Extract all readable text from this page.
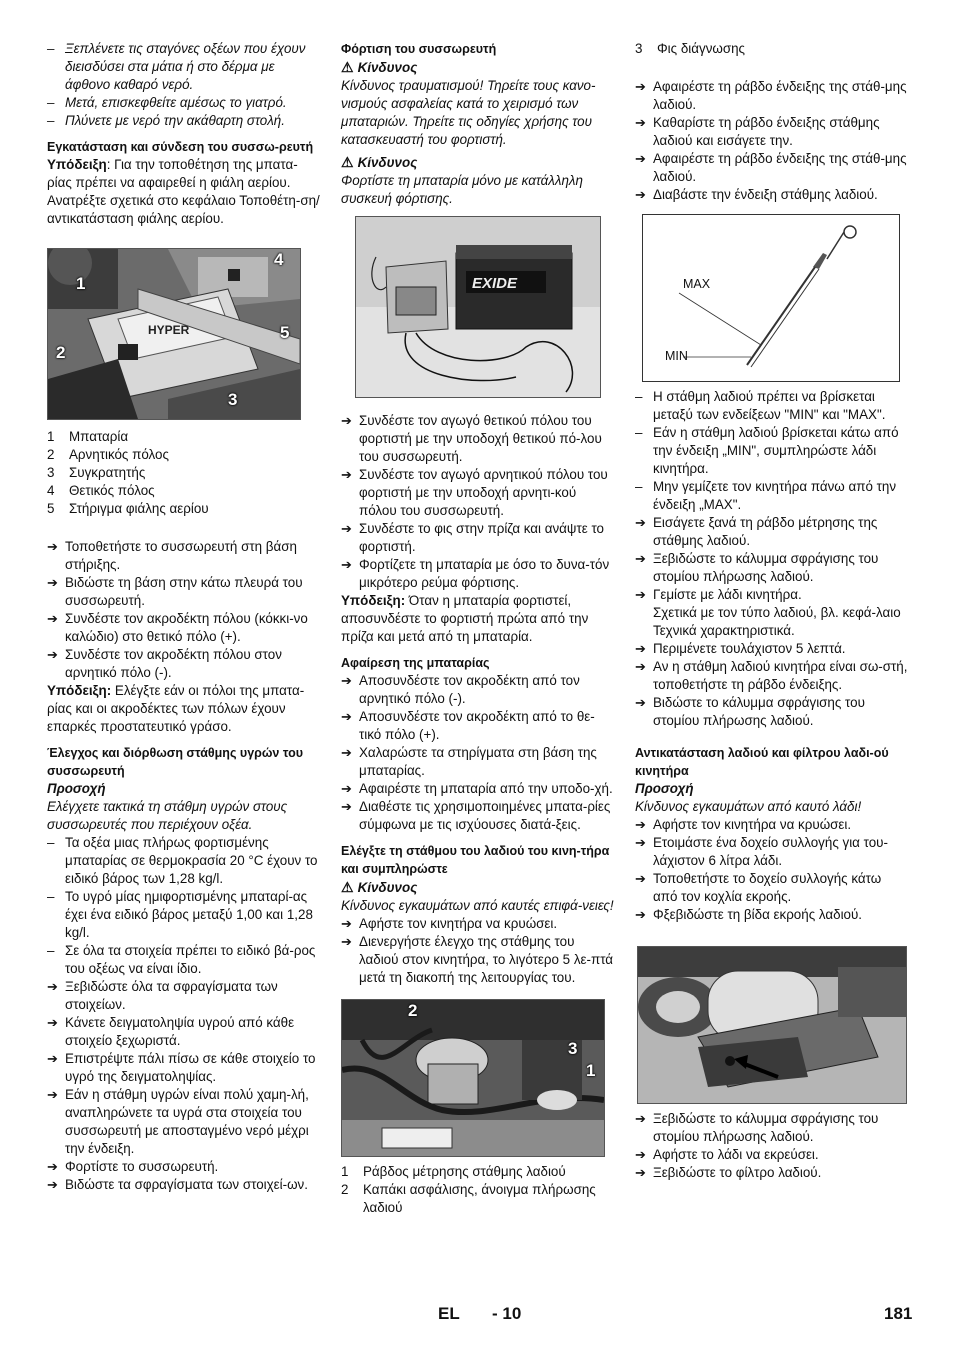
– Ξεπλένετε τις σταγόνες οξέων που έχουν διεισδύσει στα μάτια ή στο δέρμα με άφθονο καθαρό νερό.

– Μετά, επισκεφθείτε αμέσως το γιατρό.

– Πλύνετε με νερό την ακάθαρτη στολή.

Εγκατάσταση και σύνδεση του συσσω-ρευτή

Υπόδειξη: Για την τοποθέτηση της μπατα-ρίας πρέπει να αφαιρεθεί η φιάλη αερίου. Ανατρέξτε σχετικά στο κεφάλαιο Τοποθέτη-ση/αντικατάσταση φιάλης αερίου.

HYPER
1
2
3
4
5

1 Μπαταρία

2 Αρνητικός πόλος

3 Συγκρατητής

4 Θετικός πόλος

5 Στήριγμα φιάλης αερίου

➔ Τοποθετήστε το συσσωρευτή στη βάση στήριξης.

➔ Βιδώστε τη βάση στην κάτω πλευρά του συσσωρευτή.

➔ Συνδέστε τον ακροδέκτη πόλου (κόκκι-νο καλώδιο) στο θετικό πόλο (+).

➔ Συνδέστε τον ακροδέκτη πόλου στον αρνητικό πόλο (-).

Υπόδειξη: Ελέγξτε εάν οι πόλοι της μπατα-ρίας και οι ακροδέκτες των πόλων έχουν επαρκές προστατευτικό γράσο.

Έλεγχος και διόρθωση στάθμης υγρών του συσσωρευτή

Προσοχή

Ελέγχετε τακτικά τη στάθμη υγρών στους συσσωρευτές που περιέχουν οξέα.

– Τα οξέα μιας πλήρως φορτισμένης μπαταρίας σε θερμοκρασία 20 °C έχουν το ειδικό βάρος των 1,28 kg/l.

– Το υγρό μίας ημιφορτισμένης μπαταρί-ας έχει ένα ειδικό βάρος μεταξύ 1,00 και 1,28 kg/l.

– Σε όλα τα στοιχεία πρέπει το ειδικό βά-ρος του οξέως να είναι ίδιο.

➔ Ξεβιδώστε όλα τα σφραγίσματα των στοιχείων.

➔ Κάνετε δειγματοληψία υγρού από κάθε στοιχείο ξεχωριστά.

➔ Επιστρέψτε πάλι πίσω σε κάθε στοιχείο το υγρό της δειγματοληψίας.

➔ Εάν η στάθμη υγρών είναι πολύ χαμη-λή, αναπληρώνετε τα υγρά στα στοιχεία του συσσωρευτή με αποσταγμένο νερό μέχρι την ένδειξη.

➔ Φορτίστε το συσσωρευτή.

➔ Βιδώστε τα σφραγίσματα των στοιχεί-ων.

Φόρτιση του συσσωρευτή

⚠ Κίνδυνος

Κίνδυνος τραυματισμού! Τηρείτε τους κανο-νισμούς ασφαλείας κατά το χειρισμό των μπαταριών. Τηρείτε τις οδηγίες χρήσης του κατασκευαστή του φορτιστή.

⚠ Κίνδυνος

Φορτίστε τη μπαταρία μόνο με κατάλληλη συσκευή φόρτισης.

EXIDE

➔ Συνδέστε τον αγωγό θετικού πόλου του φορτιστή με την υποδοχή θετικού πό-λου του συσσωρευτή.

➔ Συνδέστε τον αγωγό αρνητικού πόλου του φορτιστή με την υποδοχή αρνητι-κού πόλου του συσσωρευτή.

➔ Συνδέστε το φις στην πρίζα και ανάψτε το φορτιστή.

➔ Φορτίζετε τη μπαταρία με όσο το δυνα-τόν μικρότερο ρεύμα φόρτισης.

Υπόδειξη: Όταν η μπαταρία φορτιστεί, αποσυνδέστε το φορτιστή πρώτα από την πρίζα και μετά από τη μπαταρία.

Αφαίρεση της μπαταρίας

➔ Αποσυνδέστε τον ακροδέκτη από τον αρνητικό πόλο (-).

➔ Αποσυνδέστε τον ακροδέκτη από το θε-τικό πόλο (+).

➔ Χαλαρώστε τα στηρίγματα στη βάση της μπαταρίας.

➔ Αφαιρέστε τη μπαταρία από την υποδο-χή.

➔ Διαθέστε τις χρησιμοποιημένες μπατα-ρίες σύμφωνα με τις ισχύουσες διατά-ξεις.

Ελέγξτε τη στάθμου του λαδιού του κινη-τήρα και συμπληρώστε

⚠ Κίνδυνος

Κίνδυνος εγκαυμάτων από καυτές επιφά-νειες!

➔ Αφήστε τον κινητήρα να κρυώσει.

➔ Διενεργήστε έλεγχο της στάθμης του λαδιού στον κινητήρα, το λιγότερο 5 λε-πτά μετά τη διακοπή της λειτουργίας του.

2
3
1

1 Ράβδος μέτρησης στάθμης λαδιού

2 Καπάκι ασφάλισης, άνοιγμα πλήρωσης λαδιού

3 Φις διάγνωσης

➔ Αφαιρέστε τη ράβδο ένδειξης της στάθ-μης λαδιού.

➔ Καθαρίστε τη ράβδο ένδειξης στάθμης λαδιού και εισάγετε την.

➔ Αφαιρέστε τη ράβδο ένδειξης της στάθ-μης λαδιού.

➔ Διαβάστε την ένδειξη στάθμης λαδιού.

MAX
MIN

– Η στάθμη λαδιού πρέπει να βρίσκεται μεταξύ των ενδείξεων "MIN" και "MAX".

– Εάν η στάθμη λαδιού βρίσκεται κάτω από την ένδειξη „MIN", συμπληρώστε λάδι κινητήρα.

– Μην γεμίζετε τον κινητήρα πάνω από την ένδειξη „MAX".

➔ Εισάγετε ξανά τη ράβδο μέτρησης της στάθμης λαδιού.

➔ Ξεβιδώστε το κάλυμμα σφράγισης του στομίου πλήρωσης λαδιού.

➔ Γεμίστε με λάδι κινητήρα.

Σχετικά με τον τύπο λαδιού, βλ. κεφά-λαιο Τεχνικά χαρακτηριστικά.

➔ Περιμένετε τουλάχιστον 5 λεπτά.

➔ Αν η στάθμη λαδιού κινητήρα είναι σω-στή, τοποθετήστε τη ράβδο ένδειξης.

➔ Βιδώστε το κάλυμμα σφράγισης του στομίου πλήρωσης λαδιού.

Αντικατάσταση λαδιού και φίλτρου λαδι-ού κινητήρα

Προσοχή

Κίνδυνος εγκαυμάτων από καυτό λάδι!

➔ Αφήστε τον κινητήρα να κρυώσει.

➔ Ετοιμάστε ένα δοχείο συλλογής για του-λάχιστον 6 λίτρα λάδι.

➔ Τοποθετήστε το δοχείο συλλογής κάτω από τον κοχλία εκροής.

➔ Φξεβιδώστε τη βίδα εκροής λαδιού.

➔ Ξεβιδώστε το κάλυμμα σφράγισης του στομίου πλήρωσης λαδιού.

➔ Αφήστε το λάδι να εκρεύσει.

➔ Ξεβιδώστε το φίλτρο λαδιού.

EL - 10	181
